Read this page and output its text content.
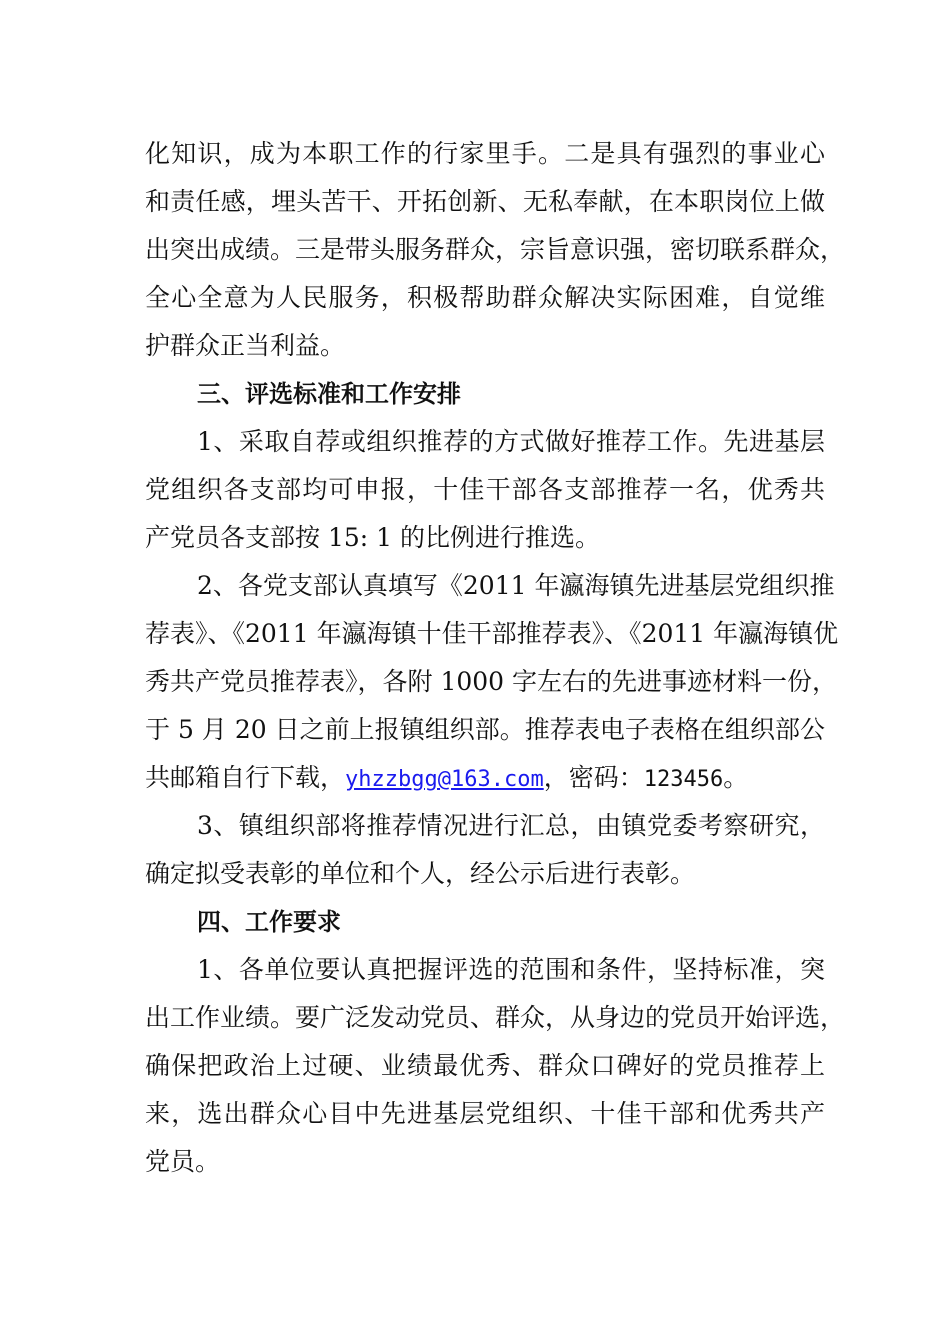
化知识，成为本职工作的行家里手。二是具有强烈的事业心
和责任感，埋头苦干、开拓创新、无私奉献，在本职岗位上做
出突出成绩。三是带头服务群众，宗旨意识强，密切联系群众，
全心全意为人民服务，积极帮助群众解决实际困难，自觉维
护群众正当利益。
三、评选标准和工作安排
1、采取自荐或组织推荐的方式做好推荐工作。先进基层
党组织各支部均可申报，十佳干部各支部推荐一名，优秀共
产党员各支部按 15: 1 的比例进行推选。
2、各党支部认真填写《2011 年瀛海镇先进基层党组织推
荐表》、《2011 年瀛海镇十佳干部推荐表》、《2011 年瀛海镇优
秀共产党员推荐表》，各附 1000 字左右的先进事迹材料一份，
于 5 月 20 日之前上报镇组织部。推荐表电子表格在组织部公
共邮箱自行下载，yhzzbgg@163.com，密码：123456。
3、镇组织部将推荐情况进行汇总，由镇党委考察研究，
确定拟受表彰的单位和个人，经公示后进行表彰。
四、工作要求
1、各单位要认真把握评选的范围和条件，坚持标准，突
出工作业绩。要广泛发动党员、群众，从身边的党员开始评选，
确保把政治上过硬、业绩最优秀、群众口碑好的党员推荐上
来，选出群众心目中先进基层党组织、十佳干部和优秀共产
党员。
